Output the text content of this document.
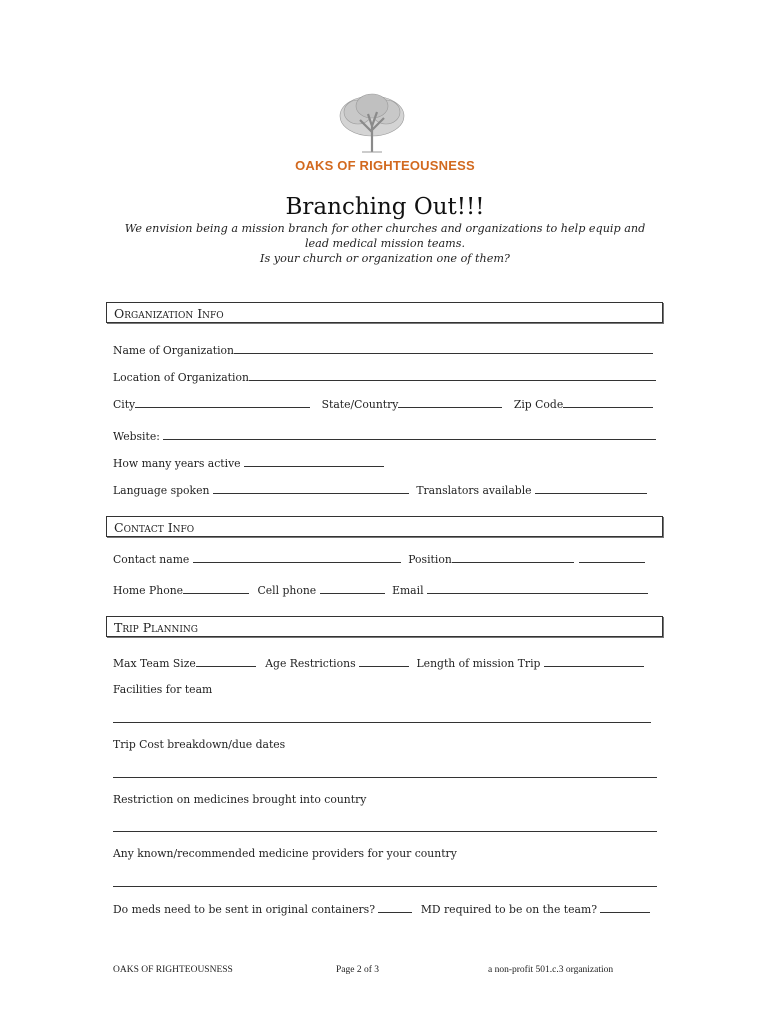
OAKS OF RIGHTEOUSNESS
Branching Out!!!
We envision being a mission branch for other churches and organizations to help equip and
lead medical mission teams.
Is your church or organization one of them?
Organization Info
Name of Organization
Location of Organization
City	State/Country	Zip Code
Website:
How many years active
Language spoken	Translators available
Contact Info
Contact name	Position
Home Phone	Cell phone	Email
Trip Planning
Max Team Size	Age Restrictions	Length of mission Trip
Facilities for team
Trip Cost breakdown/due dates
Restriction on medicines brought into country
Any known/recommended medicine providers for your country
Do meds need to be sent in original containers?	MD required to be on the team?
OAKS OF RIGHTEOUSNESS	Page 2 of 3	a non-profit 501.c.3 organization
